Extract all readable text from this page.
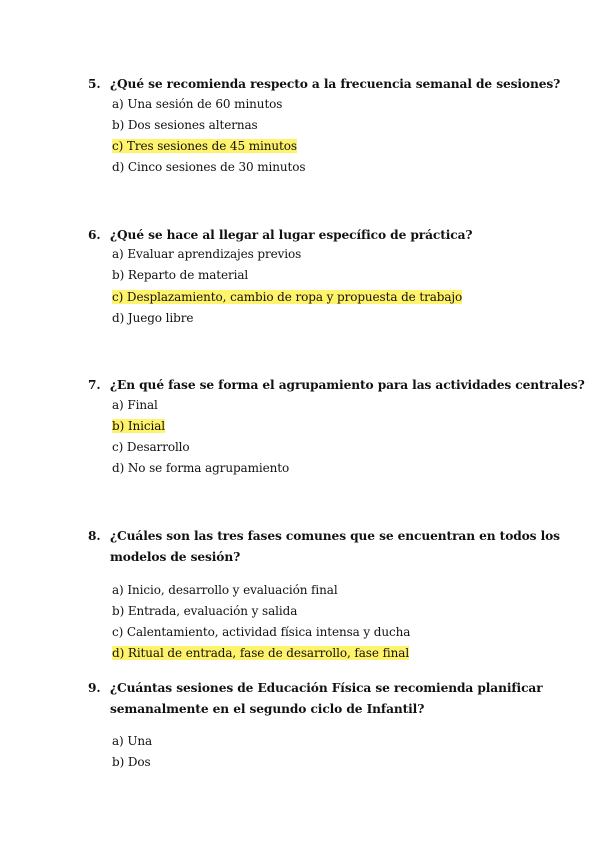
5. ¿Qué se recomienda respecto a la frecuencia semanal de sesiones?
a) Una sesión de 60 minutos
b) Dos sesiones alternas
c) Tres sesiones de 45 minutos
d) Cinco sesiones de 30 minutos
6. ¿Qué se hace al llegar al lugar específico de práctica?
a) Evaluar aprendizajes previos
b) Reparto de material
c) Desplazamiento, cambio de ropa y propuesta de trabajo
d) Juego libre
7. ¿En qué fase se forma el agrupamiento para las actividades centrales?
a) Final
b) Inicial
c) Desarrollo
d) No se forma agrupamiento
8. ¿Cuáles son las tres fases comunes que se encuentran en todos los
modelos de sesión?
a) Inicio, desarrollo y evaluación final
b) Entrada, evaluación y salida
c) Calentamiento, actividad física intensa y ducha
d) Ritual de entrada, fase de desarrollo, fase final
9. ¿Cuántas sesiones de Educación Física se recomienda planificar
semanalmente en el segundo ciclo de Infantil?
a) Una
b) Dos
